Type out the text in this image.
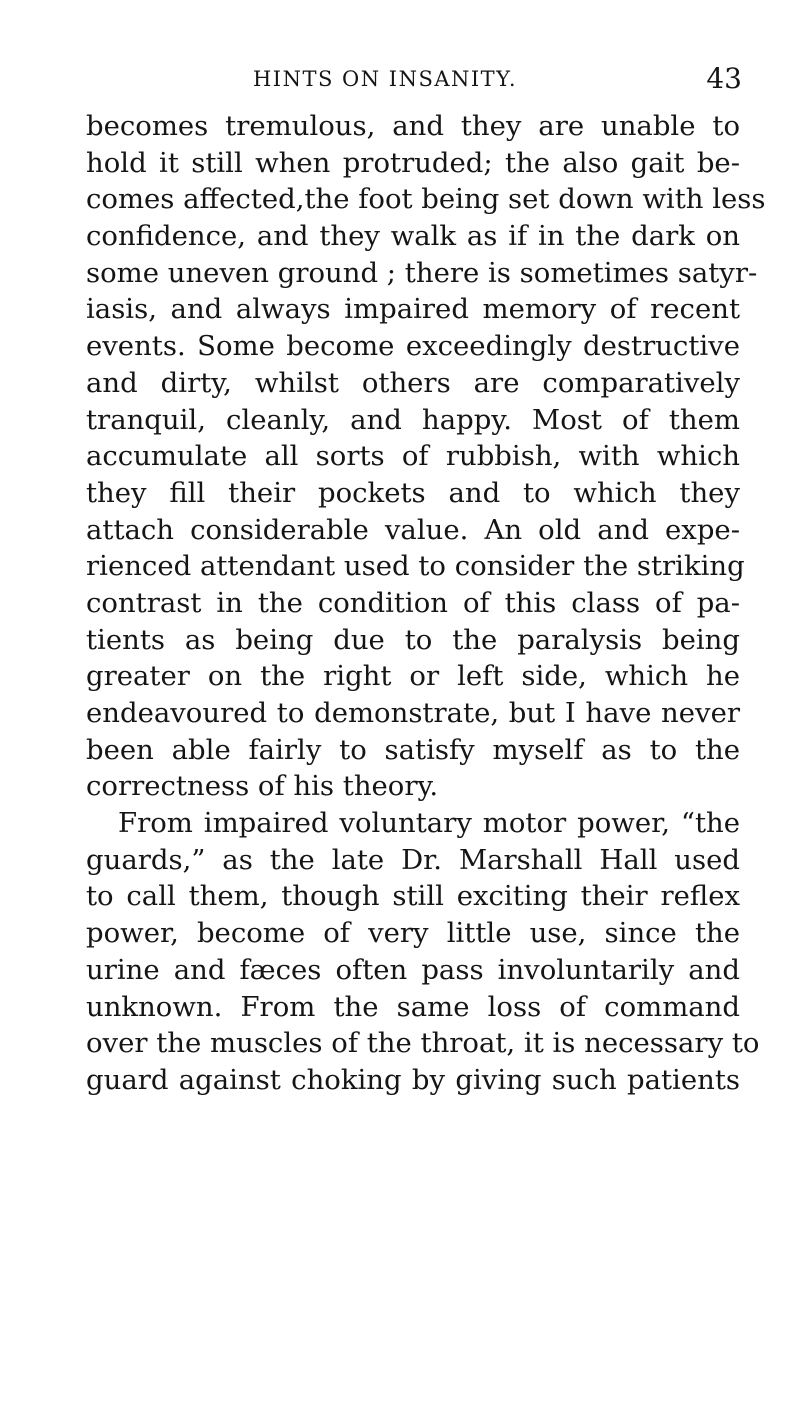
HINTS ON INSANITY.	43
becomes tremulous, and they are unable to
hold it still when protruded; the also gait be-
comes affected,the foot being set down with less
confidence, and they walk as if in the dark on
some uneven ground ; there is sometimes satyr-
iasis, and always impaired memory of recent
events. Some become exceedingly destructive
and dirty, whilst others are comparatively
tranquil, cleanly, and happy. Most of them
accumulate all sorts of rubbish, with which
they fill their pockets and to which they
attach considerable value. An old and expe-
rienced attendant used to consider the striking
contrast in the condition of this class of pa-
tients as being due to the paralysis being
greater on the right or left side, which he
endeavoured to demonstrate, but I have never
been able fairly to satisfy myself as to the
correctness of his theory.
From impaired voluntary motor power, “the
guards,” as the late Dr. Marshall Hall used
to call them, though still exciting their reflex
power, become of very little use, since the
urine and fæces often pass involuntarily and
unknown. From the same loss of command
over the muscles of the throat, it is necessary to
guard against choking by giving such patients
